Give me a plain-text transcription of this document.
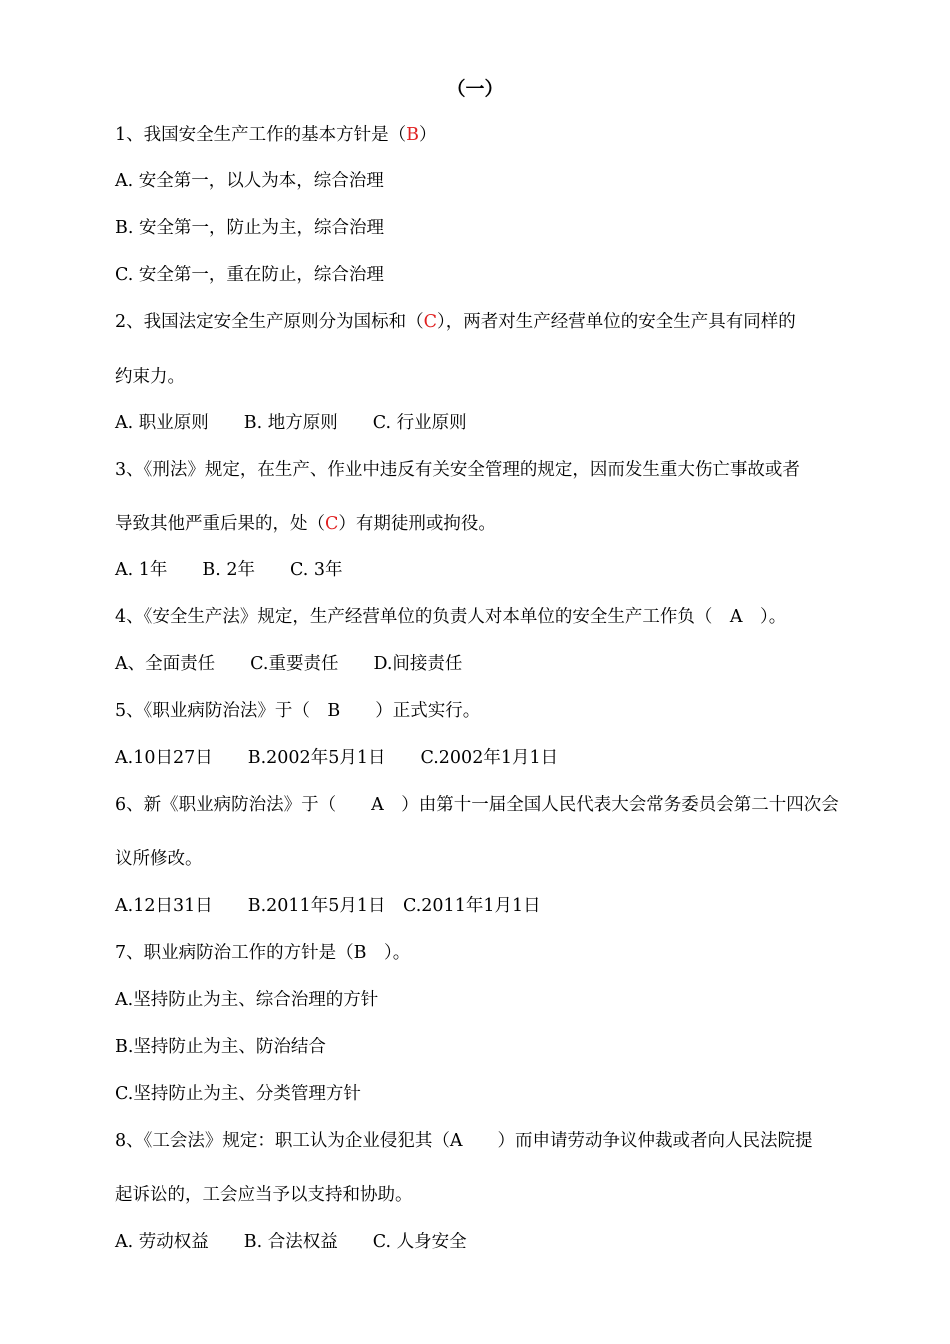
（一）
1、我国安全生产工作的基本方针是（B）
A. 安全第一，以人为本，综合治理
B. 安全第一，防止为主，综合治理
C. 安全第一，重在防止，综合治理
2、我国法定安全生产原则分为国标和（C），两者对生产经营单位的安全生产具有同样的
约束力。
A. 职业原则　　B. 地方原则　　C. 行业原则
3、《刑法》规定，在生产、作业中违反有关安全管理的规定，因而发生重大伤亡事故或者
导致其他严重后果的，处（C）有期徒刑或拘役。
A. 1年　　B. 2年　　C. 3年
4、《安全生产法》规定，生产经营单位的负责人对本单位的安全生产工作负（　A　）。
A、全面责任　　C.重要责任　　D.间接责任
5、《职业病防治法》于（　B　　）正式实行。
A.10日27日　　B.2002年5月1日　　C.2002年1月1日
6、新《职业病防治法》于（　　A　）由第十一届全国人民代表大会常务委员会第二十四次会
议所修改。
A.12日31日　　B.2011年5月1日　C.2011年1月1日
7、职业病防治工作的方针是（B　）。
A.坚持防止为主、综合治理的方针
B.坚持防止为主、防治结合
C.坚持防止为主、分类管理方针
8、《工会法》规定：职工认为企业侵犯其（A　　）而申请劳动争议仲裁或者向人民法院提
起诉讼的，工会应当予以支持和协助。
A. 劳动权益　　B. 合法权益　　C. 人身安全
